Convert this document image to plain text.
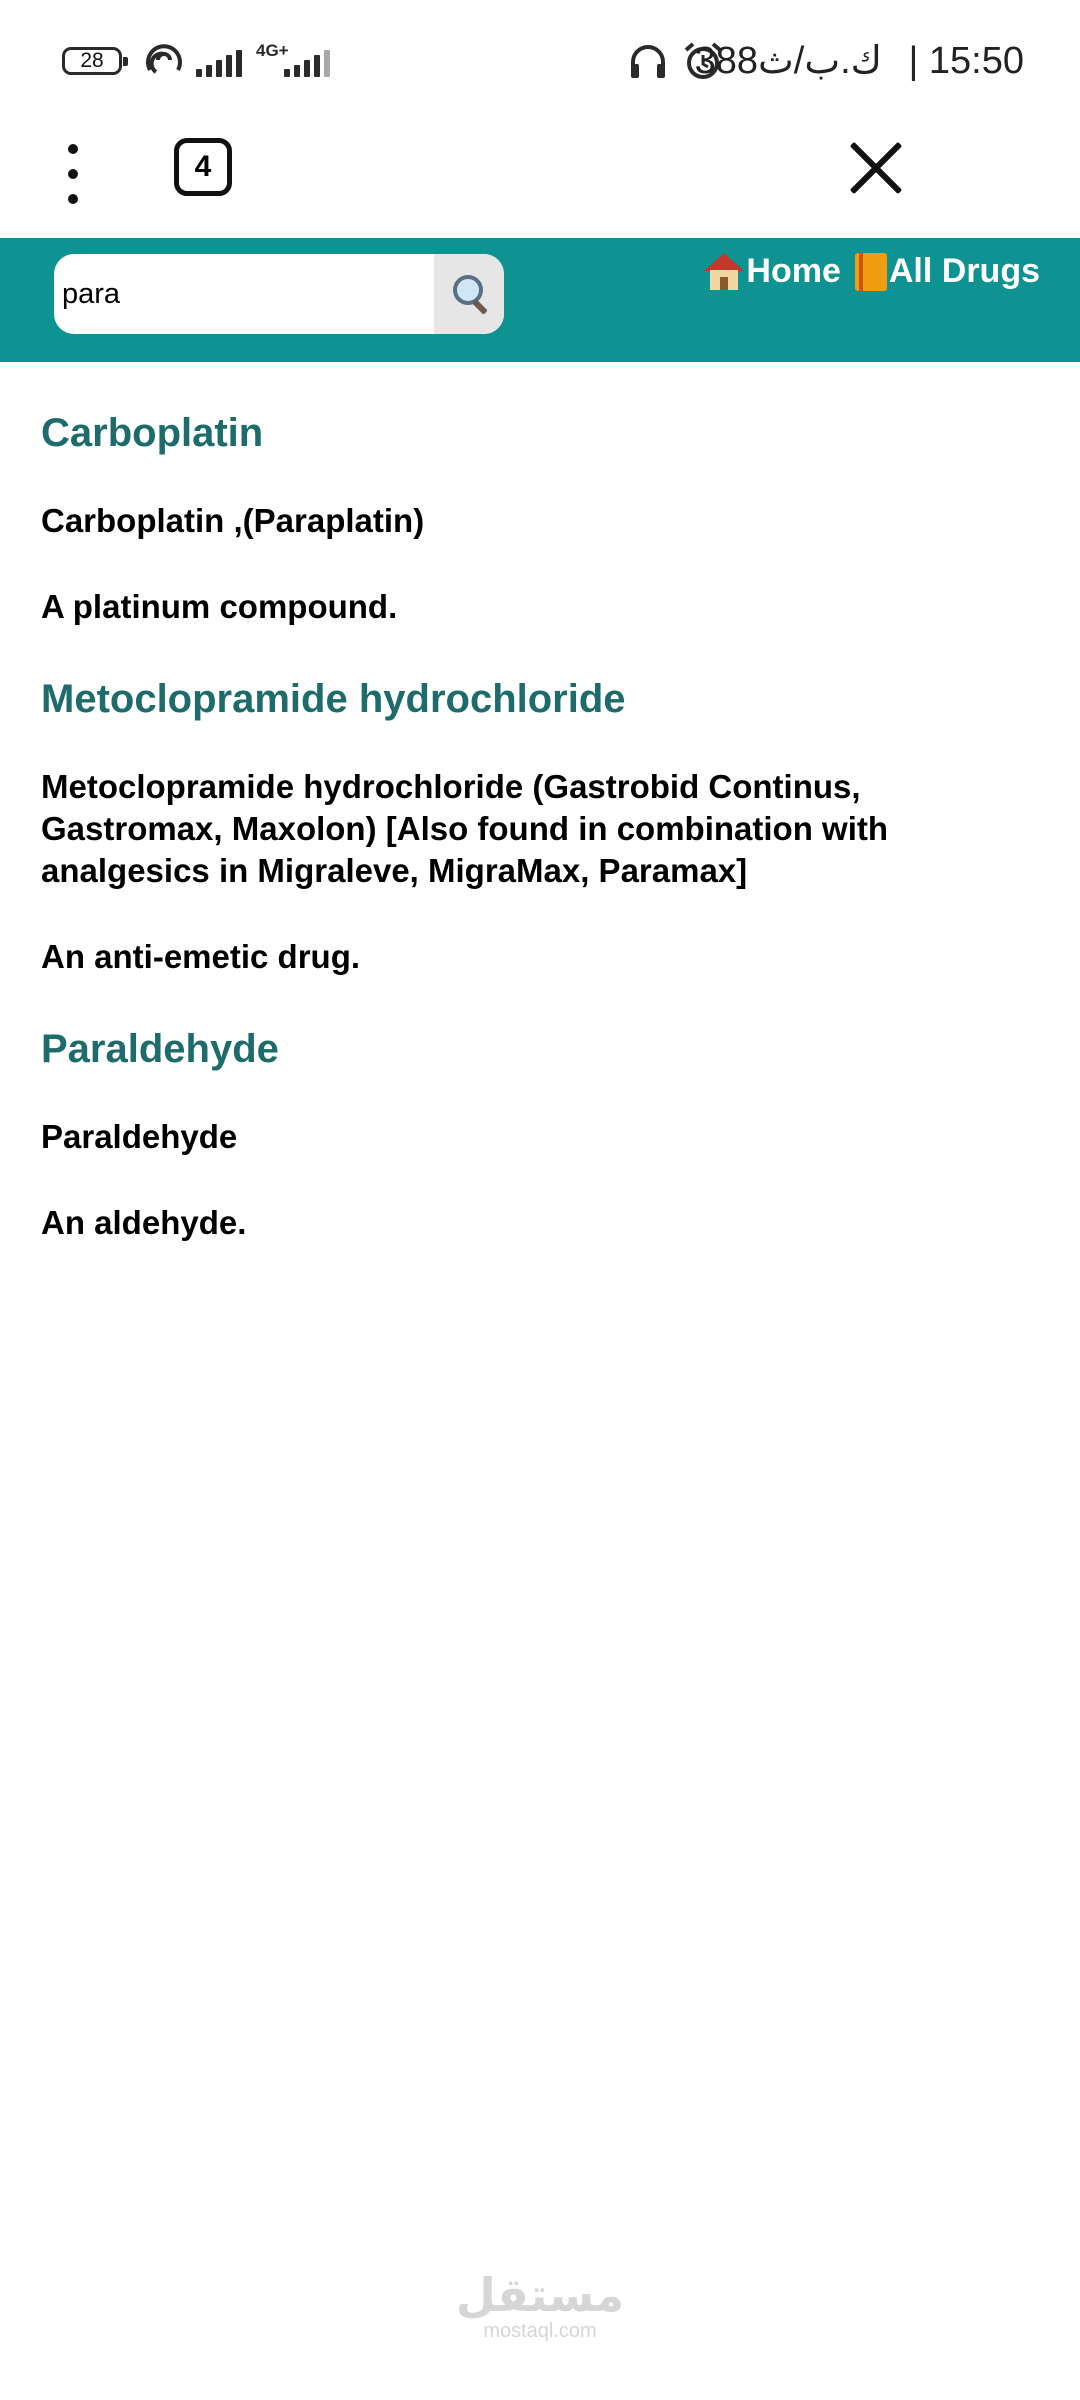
28	4G+	388ك.ب/ث | 15:50
4
para
Home All Drugs
Carboplatin

Carboplatin ,(Paraplatin)

A platinum compound.

Metoclopramide hydrochloride

Metoclopramide hydrochloride (Gastrobid Continus, Gastromax, Maxolon) [Also found in combination with analgesics in Migraleve, MigraMax, Paramax]

An anti-emetic drug.

Paraldehyde

Paraldehyde

An aldehyde.

مستقل
mostaql.com
